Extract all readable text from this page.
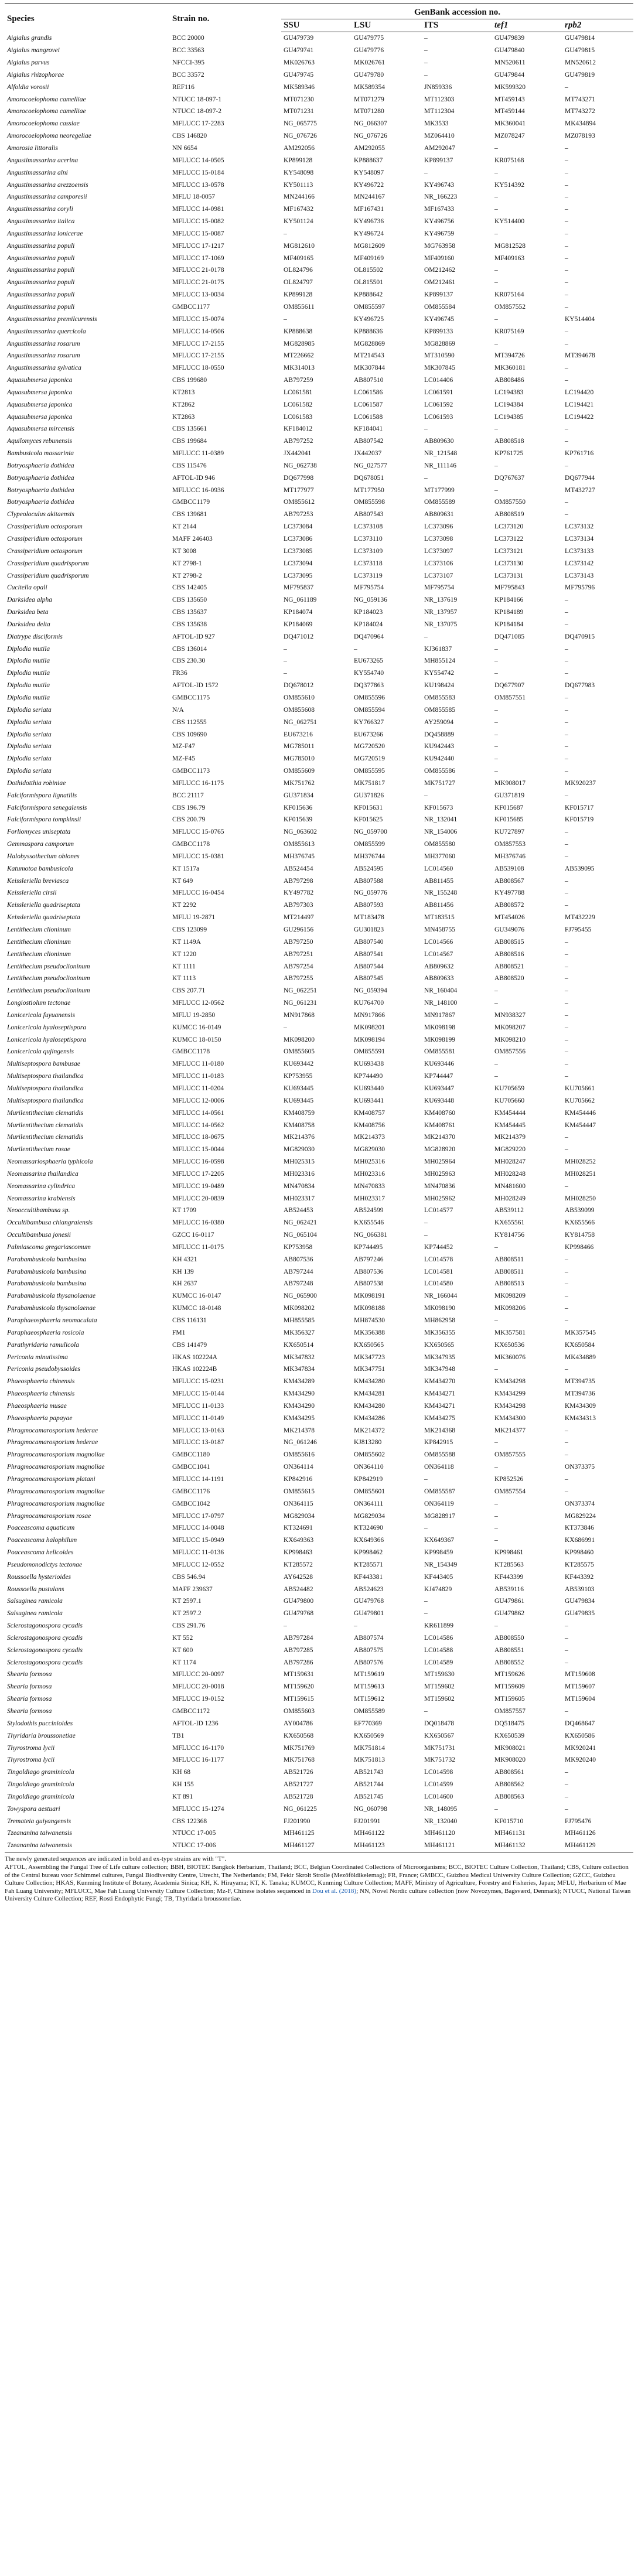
Species	Strain no.	GenBank accession no.				
		SSU	LSU	ITS	tef1	rpb2
Aigialus grandis	BCC 20000	GU479739	GU479775	–	GU479839	GU479814
Aigialus mangrovei	BCC 33563	GU479741	GU479776	–	GU479840	GU479815
Aigialus parvus	NFCCI-395	MK026763	MK026761	–	MN520611	MN520612
Aigialus rhizophorae	BCC 33572	GU479745	GU479780	–	GU479844	GU479819
Alfoldia vorosii	REF116	MK589346	MK589354	JN859336	MK599320	–
Amorocoelophoma camelliae	NTUCC 18-097-1	MT071230	MT071279	MT112303	MT459143	MT743271
Amorocoelophoma camelliae	NTUCC 18-097-2	MT071231	MT071280	MT112304	MT459144	MT743272
Amorocoelophoma cassiae	MFLUCC 17-2283	NG_065775	NG_066307	MK3533	MK360041	MK434894
Amorocoelophoma neoregeliae	CBS 146820	NG_076726	NG_076726	MZ064410	MZ078247	MZ078193
Amorosia littoralis	NN 6654	AM292056	AM292055	AM292047	–	–
Angustimassarina acerina	MFLUCC 14-0505	KP899128	KP888637	KP899137	KR075168	–
Angustimassarina alni	MFLUCC 15-0184	KY548098	KY548097	–	–	–
Angustimassarina arezzoensis	MFLUCC 13-0578	KY501113	KY496722	KY496743	KY514392	–
Angustimassarina camporesii	MFLU 18-0057	MN244166	MN244167	NR_166223	–	–
Angustimassarina coryli	MFLUCC 14-0981	MF167432	MF167431	MF167433	–	–
Angustimassarina italica	MFLUCC 15-0082	KY501124	KY496736	KY496756	KY514400	–
Angustimassarina lonicerae	MFLUCC 15-0087	–	KY496724	KY496759	–	–
Angustimassarina populi	MFLUCC 17-1217	MG812610	MG812609	MG763958	MG812528	–
Angustimassarina populi	MFLUCC 17-1069	MF409165	MF409169	MF409160	MF409163	–
Angustimassarina populi	MFLUCC 21-0178	OL824796	OL815502	OM212462	–	–
Angustimassarina populi	MFLUCC 21-0175	OL824797	OL815501	OM212461	–	–
Angustimassarina populi	MFLUCC 13-0034	KP899128	KP888642	KP899137	KR075164	–
Angustimassarina populi	GMBCC1177	OM855611	OM855597	OM855584	OM857552	–
Angustimassarina premilcurensis	MFLUCC 15-0074	–	KY496725	KY496745	–	KY514404
Angustimassarina quercicola	MFLUCC 14-0506	KP888638	KP888636	KP899133	KR075169	–
Angustimassarina rosarum	MFLUCC 17-2155	MG828985	MG828869	MG828869	–	–
Angustimassarina rosarum	MFLUCC 17-2155	MT226662	MT214543	MT310590	MT394726	MT394678
Angustimassarina sylvatica	MFLUCC 18-0550	MK314013	MK307844	MK307845	MK360181	–
Aquasubmersa japonica	CBS 199680	AB797259	AB807510	LC014406	AB808486	–
Aquasubmersa japonica	KT2813	LC061581	LC061586	LC061591	LC194383	LC194420
Aquasubmersa japonica	KT2862	LC061582	LC061587	LC061592	LC194384	LC194421
Aquasubmersa japonica	KT2863	LC061583	LC061588	LC061593	LC194385	LC194422
Aquasubmersa mircensis	CBS 135661	KF184012	KF184041	–	–	–
Aquilomyces rebunensis	CBS 199684	AB797252	AB807542	AB809630	AB808518	–
Bambusicola massarinia	MFLUCC 11-0389	JX442041	JX442037	NR_121548	KP761725	KP761716
Botryosphaeria dothidea	CBS 115476	NG_062738	NG_027577	NR_111146	–	–
Botryosphaeria dothidea	AFTOL-ID 946	DQ677998	DQ678051	–	DQ767637	DQ677944
Botryosphaeria dothidea	MFLUCC 16-0936	MT177977	MT177950	MT177999	–	MT432727
Botryosphaeria dothidea	GMBCC1179	OM855612	OM855598	OM855589	OM857550	–
Clypeoloculus akitaensis	CBS 139681	AB797253	AB807543	AB809631	AB808519	–
Crassiperidium octosporum	KT 2144	LC373084	LC373108	LC373096	LC373120	LC373132
Crassiperidium octosporum	MAFF 246403	LC373086	LC373110	LC373098	LC373122	LC373134
Crassiperidium octosporum	KT 3008	LC373085	LC373109	LC373097	LC373121	LC373133
Crassiperidium quadrisporum	KT 2798-1	LC373094	LC373118	LC373106	LC373130	LC373142
Crassiperidium quadrisporum	KT 2798-2	LC373095	LC373119	LC373107	LC373131	LC373143
Cucitella opali	CBS 142405	MF795837	MF795754	MF795754	MF795843	MF795796
Darksidea alpha	CBS 135650	NG_061189	NG_059136	NR_137619	KP184166	–
Darksidea beta	CBS 135637	KP184074	KP184023	NR_137957	KP184189	–
Darksidea delta	CBS 135638	KP184069	KP184024	NR_137075	KP184184	–
Diatrype disciformis	AFTOL-ID 927	DQ471012	DQ470964	–	DQ471085	DQ470915
Diplodia mutila	CBS 136014	–	–	KJ361837	–	–
Diplodia mutila	CBS 230.30	–	EU673265	MH855124	–	–
Diplodia mutila	FR36	–	KY554740	KY554742	–	–
Diplodia mutila	AFTOL-ID 1572	DQ678012	DQ377863	KU198424	DQ677907	DQ677983
Diplodia mutila	GMBCC1175	OM855610	OM855596	OM855583	OM857551	–
Diplodia seriata	N/A	OM855608	OM855594	OM855585	–	–
Diplodia seriata	CBS 112555	NG_062751	KY766327	AY259094	–	–
Diplodia seriata	CBS 109690	EU673216	EU673266	DQ458889	–	–
Diplodia seriata	MZ-F47	MG785011	MG720520	KU942443	–	–
Diplodia seriata	MZ-F45	MG785010	MG720519	KU942440	–	–
Diplodia seriata	GMBCC1173	OM855609	OM855595	OM855586	–	–
Dothidotthia robiniae	MFLUCC 16-1175	MK751762	MK751817	MK751727	MK908017	MK920237
Falciformispora lignatilis	BCC 21117	GU371834	GU371826	–	GU371819	–
Falciformispora senegalensis	CBS 196.79	KF015636	KF015631	KF015673	KF015687	KF015717
Falciformispora tompkinsii	CBS 200.79	KF015639	KF015625	NR_132041	KF015685	KF015719
Forliomyces uniseptata	MFLUCC 15-0765	NG_063602	NG_059700	NR_154006	KU727897	–
Gemmaspora camporum	GMBCC1178	OM855613	OM855599	OM855580	OM857553	–
Halobyssothecium obiones	MFLUCC 15-0381	MH376745	MH376744	MH377060	MH376746	–
Katumotoa bambusicola	KT 1517a	AB524454	AB524595	LC014560	AB539108	AB539095
Keissleriella breviasca	KT 649	AB797298	AB807588	AB811455	AB808567	–
Keissleriella cirsii	MFLUCC 16-0454	KY497782	NG_059776	NR_155248	KY497788	–
Keissleriella quadriseptata	KT 2292	AB797303	AB807593	AB811456	AB808572	–
Keissleriella quadriseptata	MFLU 19-2871	MT214497	MT183478	MT183515	MT454026	MT432229
Lentithecium clioninum	CBS 123099	GU296156	GU301823	MN458755	GU349076	FJ795455
Lentithecium clioninum	KT 1149A	AB797250	AB807540	LC014566	AB808515	–
Lentithecium clioninum	KT 1220	AB797251	AB807541	LC014567	AB808516	–
Lentithecium pseudoclioninum	KT 1111	AB797254	AB807544	AB809632	AB808521	–
Lentithecium pseudoclioninum	KT 1113	AB797255	AB807545	AB809633	AB808520	–
Lentithecium pseudoclioninum	CBS 207.71	NG_062251	NG_059394	NR_160404	–	–
Longiostiolum tectonae	MFLUCC 12-0562	NG_061231	KU764700	NR_148100	–	–
Lonicericola fuyuanensis	MFLU 19-2850	MN917868	MN917866	MN917867	MN938327	–
Lonicericola hyaloseptispora	KUMCC 16-0149	–	MK098201	MK098198	MK098207	–
Lonicericola hyaloseptispora	KUMCC 18-0150	MK098200	MK098194	MK098199	MK098210	–
Lonicericola qujingensis	GMBCC1178	OM855605	OM855591	OM855581	OM857556	–
Multiseptospora bambusae	MFLUCC 11-0180	KU693442	KU693438	KU693446	–	–
Multiseptospora thailandica	MFLUCC 11-0183	KP753955	KP744490	KP744447	–	–
Multiseptospora thailandica	MFLUCC 11-0204	KU693445	KU693440	KU693447	KU705659	KU705661
Multiseptospora thailandica	MFLUCC 12-0006	KU693445	KU693441	KU693448	KU705660	KU705662
Murilentithecium clematidis	MFLUCC 14-0561	KM408759	KM408757	KM408760	KM454444	KM454446
Murilentithecium clematidis	MFLUCC 14-0562	KM408758	KM408756	KM408761	KM454445	KM454447
Murilentithecium clematidis	MFLUCC 18-0675	MK214376	MK214373	MK214370	MK214379	–
Murilentithecium rosae	MFLUCC 15-0044	MG829030	MG829030	MG828920	MG829220	–
Neomassariosphaeria typhicola	MFLUCC 16-0598	MH025315	MH025316	MH025964	MH028247	MH028252
Neomassarina thailandica	MFLUCC 17-2205	MH023316	MH023316	MH025963	MH028248	MH028251
Neomassarina cylindrica	MFLUCC 19-0489	MN470834	MN470833	MN470836	MN481600	–
Neomassarina krabiensis	MFLUCC 20-0839	MH023317	MH023317	MH025962	MH028249	MH028250
Neooccultibambusa sp.	KT 1709	AB524453	AB524599	LC014577	AB539112	AB539099
Occultibambusa chiangraiensis	MFLUCC 16-0380	NG_062421	KX655546	–	KX655561	KX655566
Occultibambusa jonesii	GZCC 16-0117	NG_065104	NG_066381	–	KY814756	KY814758
Palmiascoma gregariascomum	MFLUCC 11-0175	KP753958	KP744495	KP744452	–	KP998466
Parabambusicola bambusina	KH 4321	AB807536	AB797246	LC014578	AB808511	–
Parabambusicola bambusina	KH 139	AB797244	AB807536	LC014581	AB808511	–
Parabambusicola bambusina	KH 2637	AB797248	AB807538	LC014580	AB808513	–
Parabambusicola thysanolaenae	KUMCC 16-0147	NG_065900	MK098191	NR_166044	MK098209	–
Parabambusicola thysanolaenae	KUMCC 18-0148	MK098202	MK098188	MK098190	MK098206	–
Paraphaeosphaeria neomaculata	CBS 116131	MH855585	MH874530	MH862958	–	–
Paraphaeosphaeria rosicola	FM1	MK356327	MK356388	MK356355	MK357581	MK357545
Parathyridaria ramulicola	CBS 141479	KX650514	KX650565	KX650565	KX650536	KX650584
Periconia minutissima	HKAS 102224A	MK347832	MK347723	MK347935	MK360076	MK434889
Periconia pseudobyssoides	HKAS 102224B	MK347834	MK347751	MK347948	–	–
Phaeosphaeria chinensis	MFLUCC 15-0231	KM434289	KM434280	KM434270	KM434298	MT394735
Phaeosphaeria chinensis	MFLUCC 15-0144	KM434290	KM434281	KM434271	KM434299	MT394736
Phaeosphaeria musae	MFLUCC 11-0133	KM434290	KM434280	KM434271	KM434298	KM434309
Phaeosphaeria papayae	MFLUCC 11-0149	KM434295	KM434286	KM434275	KM434300	KM434313
Phragmocamarosporium hederae	MFLUCC 13-0163	MK214378	MK214372	MK214368	MK214377	–
Phragmocamarosporium hederae	MFLUCC 13-0187	NG_061246	KJ813280	KP842915	–	–
Phragmocamarosporium magnoliae	GMBCC1180	OM855616	OM855602	OM855588	OM857555	–
Phragmocamarosporium magnoliae	GMBCC1041	ON364114	ON364110	ON364118	–	ON373375
Phragmocamarosporium platani	MFLUCC 14-1191	KP842916	KP842919	–	KP852526	–
Phragmocamarosporium magnoliae	GMBCC1176	OM855615	OM855601	OM855587	OM857554	–
Phragmocamarosporium magnoliae	GMBCC1042	ON364115	ON364111	ON364119	–	ON373374
Phragmocamarosporium rosae	MFLUCC 17-0797	MG829034	MG829034	MG828917	–	MG829224
Poaceascoma aquaticum	MFLUCC 14-0048	KT324691	KT324690	–	–	KT373846
Poaceascoma halophilum	MFLUCC 15-0949	KX649363	KX649366	KX649367	–	KX686991
Poaceascoma helicoides	MFLUCC 11-0136	KP998463	KP998462	KP998459	KP998461	KP998460
Pseudomonodictys tectonae	MFLUCC 12-0552	KT285572	KT285571	NR_154349	KT285563	KT285575
Roussoella hysterioides	CBS 546.94	AY642528	KF443381	KF443405	KF443399	KF443392
Roussoella pustulans	MAFF 239637	AB524482	AB524623	KJ474829	AB539116	AB539103
Salsuginea ramicola	KT 2597.1	GU479800	GU479768	–	GU479861	GU479834
Salsuginea ramicola	KT 2597.2	GU479768	GU479801	–	GU479862	GU479835
Sclerostagonospora cycadis	CBS 291.76	–	–	KR611899	–	–
Sclerostagonospora cycadis	KT 552	AB797284	AB807574	LC014586	AB808550	–
Sclerostagonospora cycadis	KT 600	AB797285	AB807575	LC014588	AB808551	–
Sclerostagonospora cycadis	KT 1174	AB797286	AB807576	LC014589	AB808552	–
Shearia formosa	MFLUCC 20-0097	MT159631	MT159619	MT159630	MT159626	MT159608
Shearia formosa	MFLUCC 20-0018	MT159620	MT159613	MT159602	MT159609	MT159607
Shearia formosa	MFLUCC 19-0152	MT159615	MT159612	MT159602	MT159605	MT159604
Shearia formosa	GMBCC1172	OM855603	OM855589	–	OM857557	–
Stylodothis puccinioides	AFTOL-ID 1236	AY004786	EF770369	DQ018478	DQ518475	DQ468647
Thyridaria broussonetiae	TB1	KX650568	KX650569	KX650567	KX650539	KX650586
Thyrostroma lycii	MFLUCC 16-1170	MK751769	MK751814	MK751731	MK908021	MK920241
Thyrostroma lycii	MFLUCC 16-1177	MK751768	MK751813	MK751732	MK908020	MK920240
Tingoldiago graminicola	KH 68	AB521726	AB521743	LC014598	AB808561	–
Tingoldiago graminicola	KH 155	AB521727	AB521744	LC014599	AB808562	–
Tingoldiago graminicola	KT 891	AB521728	AB521745	LC014600	AB808563	–
Towyspora aestuari	MFLUCC 15-1274	NG_061225	NG_060798	NR_148095	–	–
Tremateia guiyangensis	CBS 122368	FJ201990	FJ201991	NR_132040	KF015710	FJ795476
Tzeananina taiwanensis	NTUCC 17-005	MH461125	MH461122	MH461120	MH461131	MH461126
Tzeananina taiwanensis	NTUCC 17-006	MH461127	MH461123	MH461121	MH461132	MH461129

The newly generated sequences are indicated in bold and ex-type strains are with "T".

AFTOL, Assembling the Fungal Tree of Life culture collection; BBH, BIOTEC Bangkok Herbarium, Thailand; BCC, Belgian Coordinated Collections of Microorganisms; BCC, BIOTEC Culture Collection, Thailand; CBS, Culture collection of the Central bureau voor Schimmel cultures, Fungal Biodiversity Centre, Utrecht, The Netherlands; FM, Fekir Skrolt Strolle (Mezőföldikelemag); FR, France; GMBCC, Guizhou Medical University Culture Collection; GZCC, Guizhou Culture Collection; HKAS, Kunming Institute of Botany, Academia Sinica; KH, K. Hirayama; KT, K. Tanaka; KUMCC, Kunming Culture Collection; MAFF, Ministry of Agriculture, Forestry and Fisheries, Japan; MFLU, Herbarium of Mae Fah Luang University; MFLUCC, Mae Fah Luang University Culture Collection; Mz-F, Chinese isolates sequenced in Dou et al. (2018); NN, Novel Nordic culture collection (now Novozymes, Bagsværd, Denmark); NTUCC, National Taiwan University Culture Collection; REF, Rosti Endophytic Fungi; TB, Thyridaria broussonetiae.
